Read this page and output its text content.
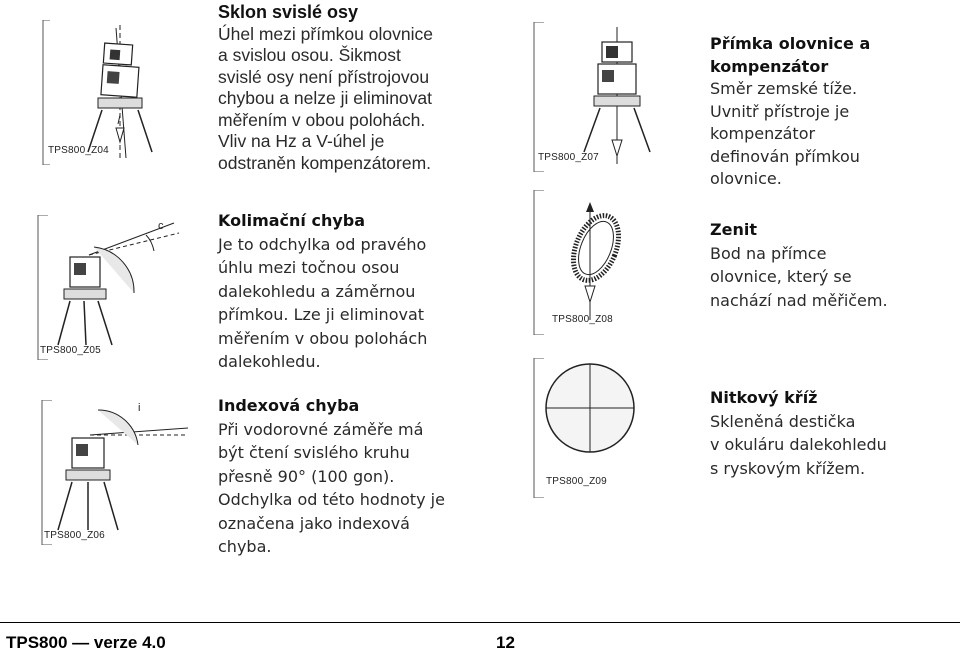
TPS800_Z04
c
TPS800_Z05
i
TPS800_Z06
Sklon svislé osy
Úhel mezi přímkou olovnice
a svislou osou. Šikmost
svislé osy není přístrojovou
chybou a nelze ji eliminovat
měřením v obou polohách.
Vliv na Hz a V-úhel je
odstraněn kompenzátorem.
Kolimační chyba
Je to odchylka od pravého
úhlu mezi točnou osou
dalekohledu a záměrnou
přímkou. Lze ji eliminovat
měřením v obou polohách
dalekohledu.
Indexová chyba
Při vodorovné záměře má
být čtení svislého kruhu
přesně 90° (100 gon).
Odchylka od této hodnoty je
označena jako indexová
chyba.
TPS800_Z07
TPS800_Z08
TPS800_Z09
Přímka olovnice a
kompenzátor
Směr zemské tíže.
Uvnitř přístroje je
kompenzátor
definován přímkou
olovnice.
Zenit
Bod na přímce
olovnice, který se
nachází nad měřičem.
Nitkový kříž
Skleněná destička
v okuláru dalekohledu
s ryskovým křížem.
TPS800 — verze 4.0	12
